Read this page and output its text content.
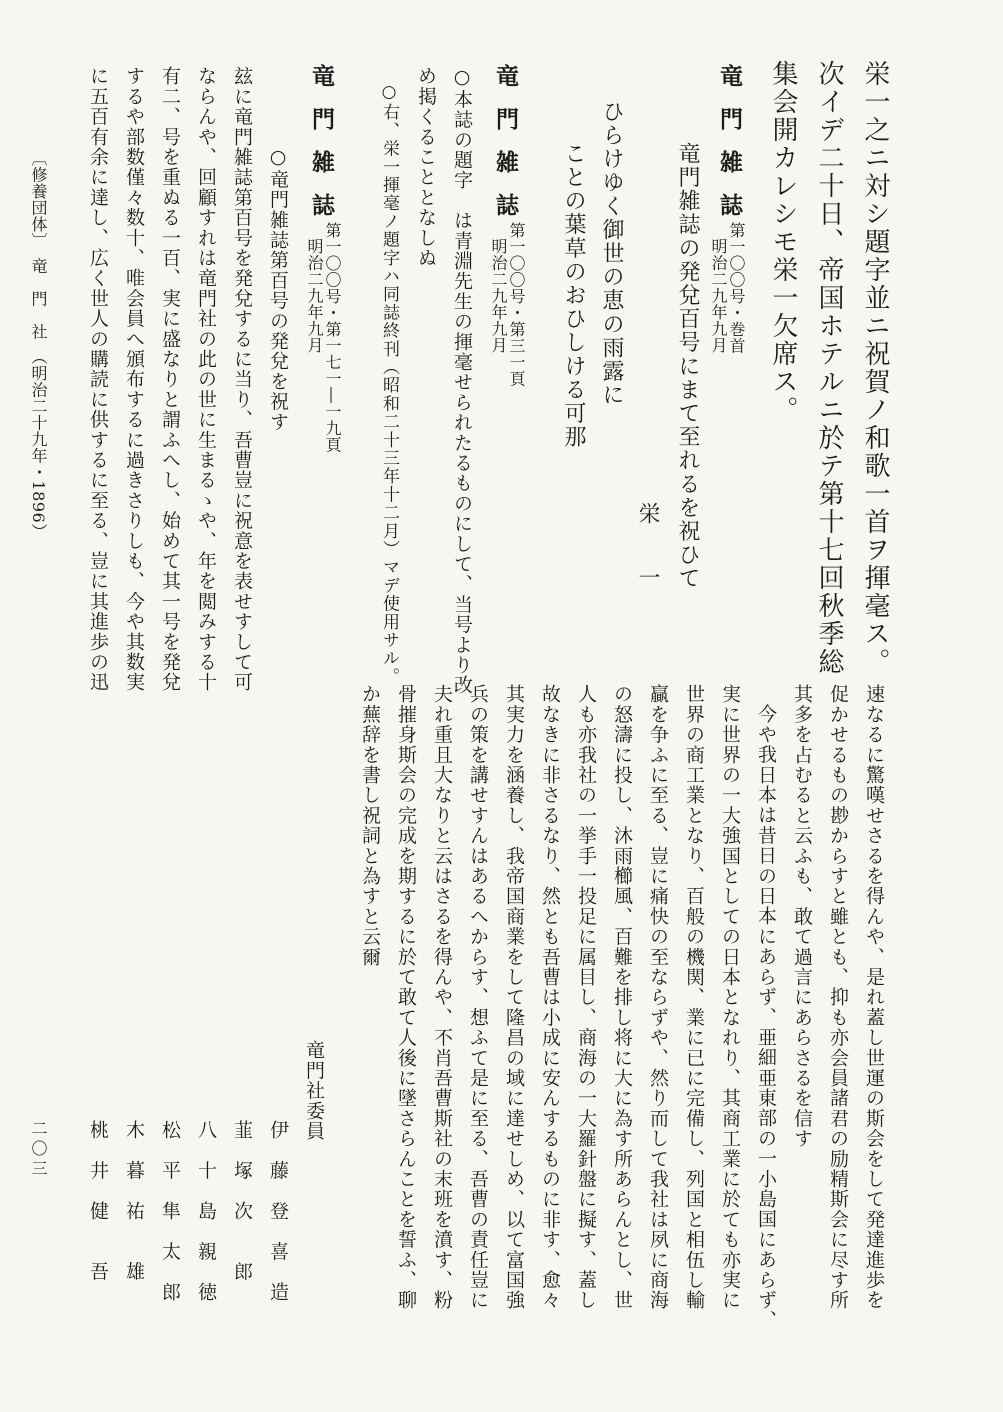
栄一之ニ対シ題字並ニ祝賀ノ和歌一首ヲ揮毫ス。
次イデ二十日、帝国ホテルニ於テ第十七回秋季総
集会開カレシモ栄一欠席ス。
竜門雑誌
第一〇〇号・巻首
明治二九年九月
竜門雑誌の発兌百号にまて至れるを祝ひて
ひらけゆく御世の恵の雨露に
ことの葉草のおひしける可那
栄　一
竜門雑誌
第一〇〇号・第三一頁
明治二九年九月
○本誌の題字　は青淵先生の揮毫せられたるものにして、当号より改
め掲くることとなしぬ
○右、栄一揮毫ノ題字ハ同誌終刊（昭和二十三年十二月）マデ使用サル。
竜門雑誌
第一〇〇号・第一七一―一九頁
明治二九年九月
○竜門雑誌第百号の発兌を祝す
玆に竜門雑誌第百号を発兌するに当り、吾曹豈に祝意を表せすして可
ならんや、回顧すれは竜門社の此の世に生まるゝや、年を閲みする十
有二、号を重ぬる一百、実に盛なりと謂ふへし、始めて其一号を発兌
するや部数僅々数十、唯会員へ頒布するに過きさりしも、今や其数実
に五百有余に達し、広く世人の購読に供するに至る、豈に其進歩の迅
〔修養団体〕　竜　門　社　（明治二十九年・1896）
速なるに驚嘆せさるを得んや、是れ蓋し世運の斯会をして発達進歩を
促かせるもの尠からすと雖とも、抑も亦会員諸君の励精斯会に尽す所
其多を占むると云ふも、敢て過言にあらさるを信す
今や我日本は昔日の日本にあらず、亜細亜東部の一小島国にあらず、
実に世界の一大強国としての日本となれり、其商工業に於ても亦実に
世界の商工業となり、百般の機関、業に已に完備し、列国と相伍し輸
贏を争ふに至る、豈に痛快の至ならずや、然り而して我社は夙に商海
の怒濤に投し、沐雨櫛風、百難を排し将に大に為す所あらんとし、世
人も亦我社の一挙手一投足に属目し、商海の一大羅針盤に擬す、蓋し
故なきに非さるなり、然とも吾曹は小成に安んするものに非す、愈々
其実力を涵養し、我帝国商業をして隆昌の域に達せしめ、以て富国強
兵の策を講せすんはあるへからす、想ふて是に至る、吾曹の責任豈に
夫れ重且大なりと云はさるを得んや、不肖吾曹斯社の末班を濆す、粉
骨摧身斯会の完成を期するに於て敢て人後に墜さらんことを誓ふ、聊
か蕪辞を書し祝詞と為すと云爾
竜門社委員
伊　藤　登　喜　造
韮　塚　次　　郎
八　十　島　親　徳
松　平　隼　太　郎
木　暮　祐　　雄
桃　井　健　　吾
二〇三
